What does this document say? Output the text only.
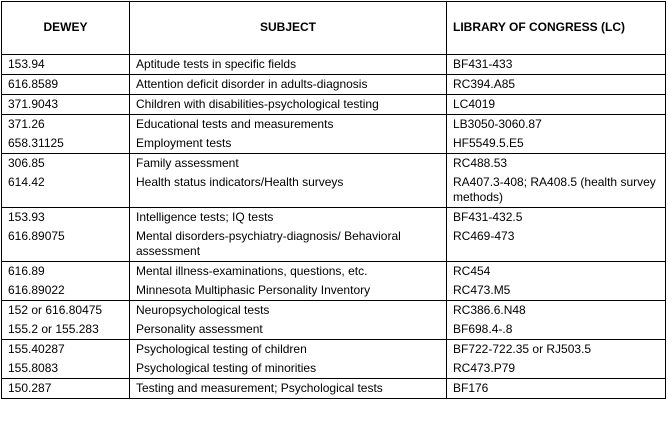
DEWEY	SUBJECT	LIBRARY OF CONGRESS (LC)
153.94	Aptitude tests in specific fields	BF431-433
616.8589	Attention deficit disorder in adults-diagnosis	RC394.A85
371.9043	Children with disabilities-psychological testing	LC4019
371.26	Educational tests and measurements	LB3050-3060.87
658.31125	Employment tests	HF5549.5.E5
306.85	Family assessment	RC488.53
614.42	Health status indicators/Health surveys	RA407.3-408; RA408.5 (health survey methods)
153.93	Intelligence tests; IQ tests	BF431-432.5
616.89075	Mental disorders-psychiatry-diagnosis/ Behavioral assessment	RC469-473
616.89	Mental illness-examinations, questions, etc.	RC454
616.89022	Minnesota Multiphasic Personality Inventory	RC473.M5
152 or 616.80475	Neuropsychological tests	RC386.6.N48
155.2 or 155.283	Personality assessment	BF698.4-.8
155.40287	Psychological testing of children	BF722-722.35 or RJ503.5
155.8083	Psychological testing of minorities	RC473.P79
150.287	Testing and measurement; Psychological tests	BF176
